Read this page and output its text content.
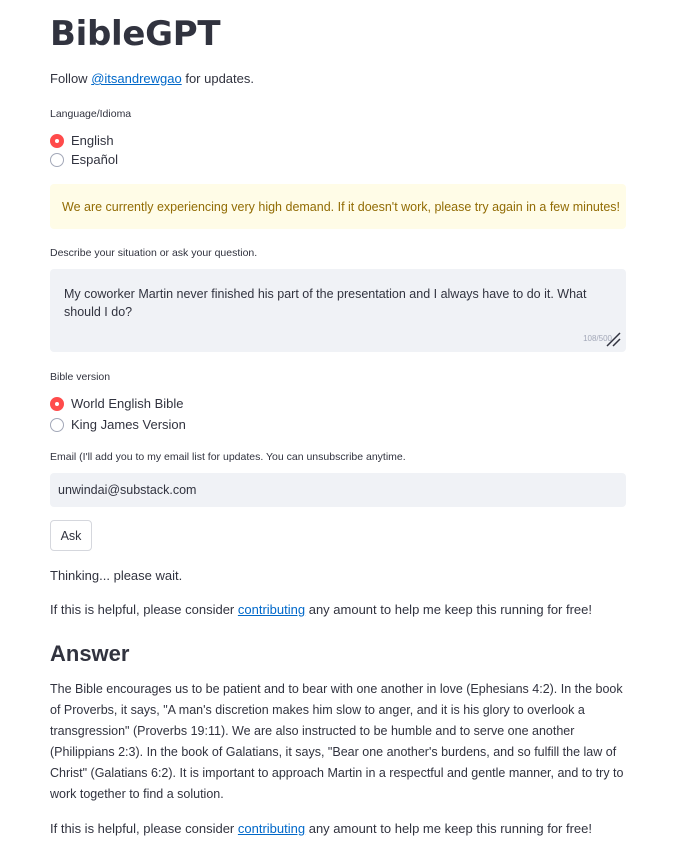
BibleGPT
Follow @itsandrewgao for updates.
Language/Idioma
English
Español
We are currently experiencing very high demand. If it doesn't work, please try again in a few minutes!
Describe your situation or ask your question.
My coworker Martin never finished his part of the presentation and I always have to do it. What should I do?
108/500
Bible version
World English Bible
King James Version
Email (I'll add you to my email list for updates. You can unsubscribe anytime.
unwindai@substack.com
Ask
Thinking... please wait.
If this is helpful, please consider contributing any amount to help me keep this running for free!
Answer
The Bible encourages us to be patient and to bear with one another in love (Ephesians 4:2). In the book of Proverbs, it says, "A man's discretion makes him slow to anger, and it is his glory to overlook a transgression" (Proverbs 19:11). We are also instructed to be humble and to serve one another (Philippians 2:3). In the book of Galatians, it says, "Bear one another's burdens, and so fulfill the law of Christ" (Galatians 6:2). It is important to approach Martin in a respectful and gentle manner, and to try to work together to find a solution.
If this is helpful, please consider contributing any amount to help me keep this running for free!
